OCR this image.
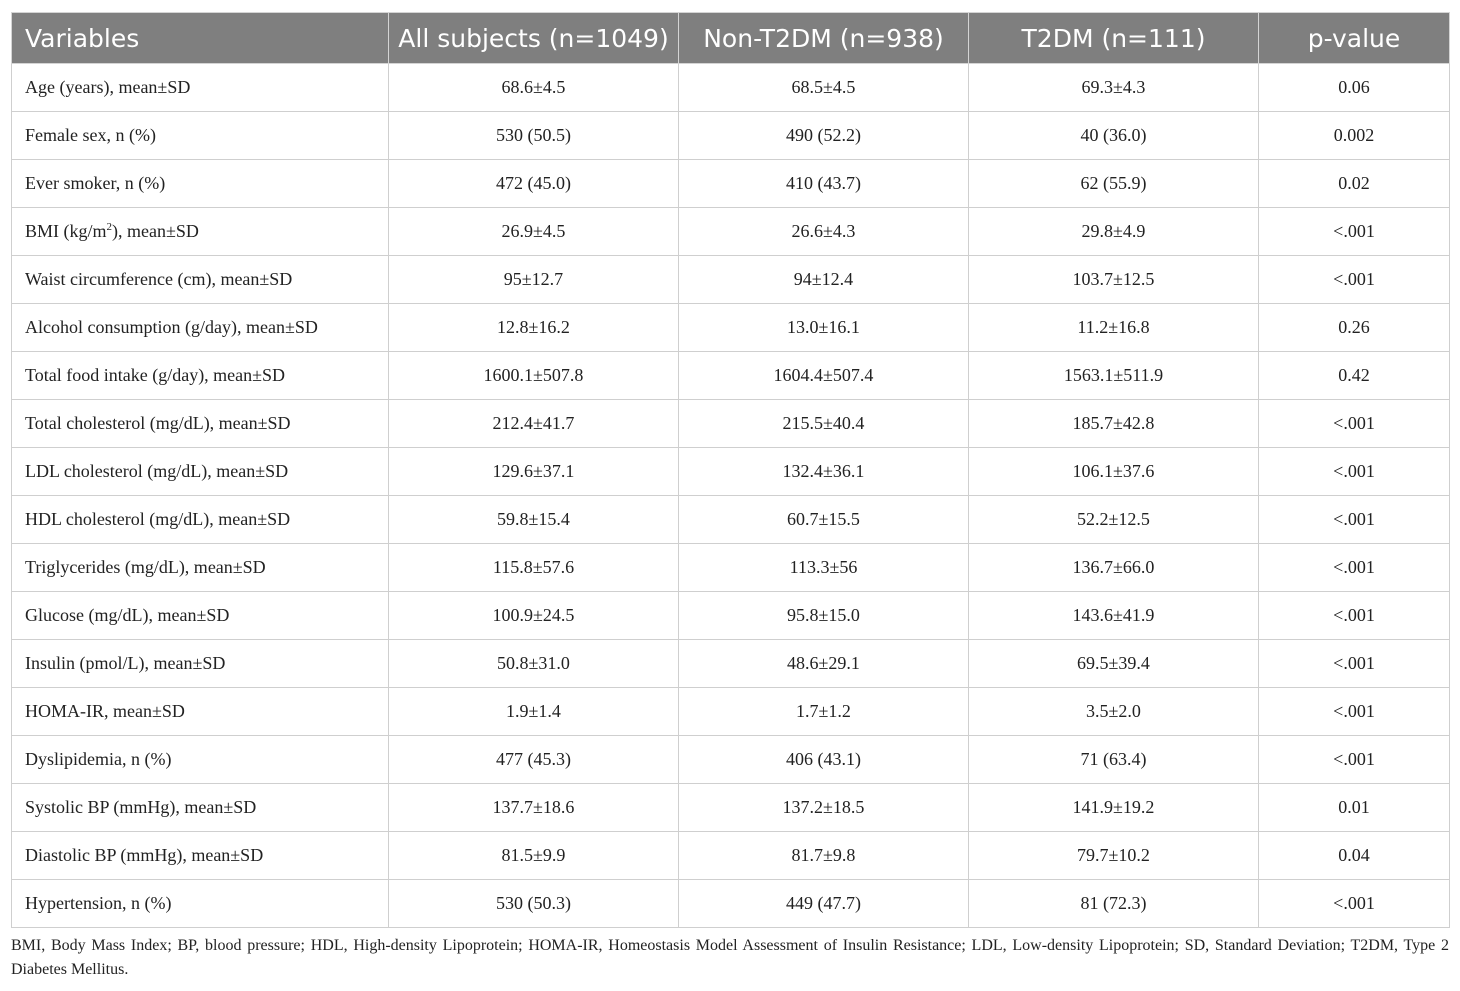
Variables	All subjects (n=1049)	Non-T2DM (n=938)	T2DM (n=111)	p-value
Age (years), mean±SD	68.6±4.5	68.5±4.5	69.3±4.3	0.06
Female sex, n (%)	530 (50.5)	490 (52.2)	40 (36.0)	0.002
Ever smoker, n (%)	472 (45.0)	410 (43.7)	62 (55.9)	0.02
BMI $(kg/m^2)$, mean±SD	26.9±4.5	26.6±4.3	29.8±4.9	<.001
Waist circumference (cm), mean±SD	95±12.7	94±12.4	103.7±12.5	<.001
Alcohol consumption (g/day), mean±SD	12.8±16.2	13.0±16.1	11.2±16.8	0.26
Total food intake (g/day), mean±SD	1600.1±507.8	1604.4±507.4	1563.1±511.9	0.42
Total cholesterol (mg/dL), mean±SD	212.4±41.7	215.5±40.4	185.7±42.8	<.001
LDL cholesterol (mg/dL), mean±SD	129.6±37.1	132.4±36.1	106.1±37.6	<.001
HDL cholesterol (mg/dL), mean±SD	59.8±15.4	60.7±15.5	52.2±12.5	<.001
Triglycerides (mg/dL), mean±SD	115.8±57.6	113.3±56	136.7±66.0	<.001
Glucose (mg/dL), mean±SD	100.9±24.5	95.8±15.0	143.6±41.9	<.001
Insulin (pmol/L), mean±SD	50.8±31.0	48.6±29.1	69.5±39.4	<.001
HOMA-IR, mean±SD	1.9±1.4	1.7±1.2	3.5±2.0	<.001
Dyslipidemia, n (%)	477 (45.3)	406 (43.1)	71 (63.4)	<.001
Systolic BP (mmHg), mean±SD	137.7±18.6	137.2±18.5	141.9±19.2	0.01
Diastolic BP (mmHg), mean±SD	81.5±9.9	81.7±9.8	79.7±10.2	0.04
Hypertension, n (%)	530 (50.3)	449 (47.7)	81 (72.3)	<.001
BMI, Body Mass Index; BP, blood pressure; HDL, High-density Lipoprotein; HOMA-IR, Homeostasis Model Assessment of Insulin Resistance; LDL, Low-density Lipoprotein; SD, Standard Deviation; T2DM, Type 2 Diabetes Mellitus.
